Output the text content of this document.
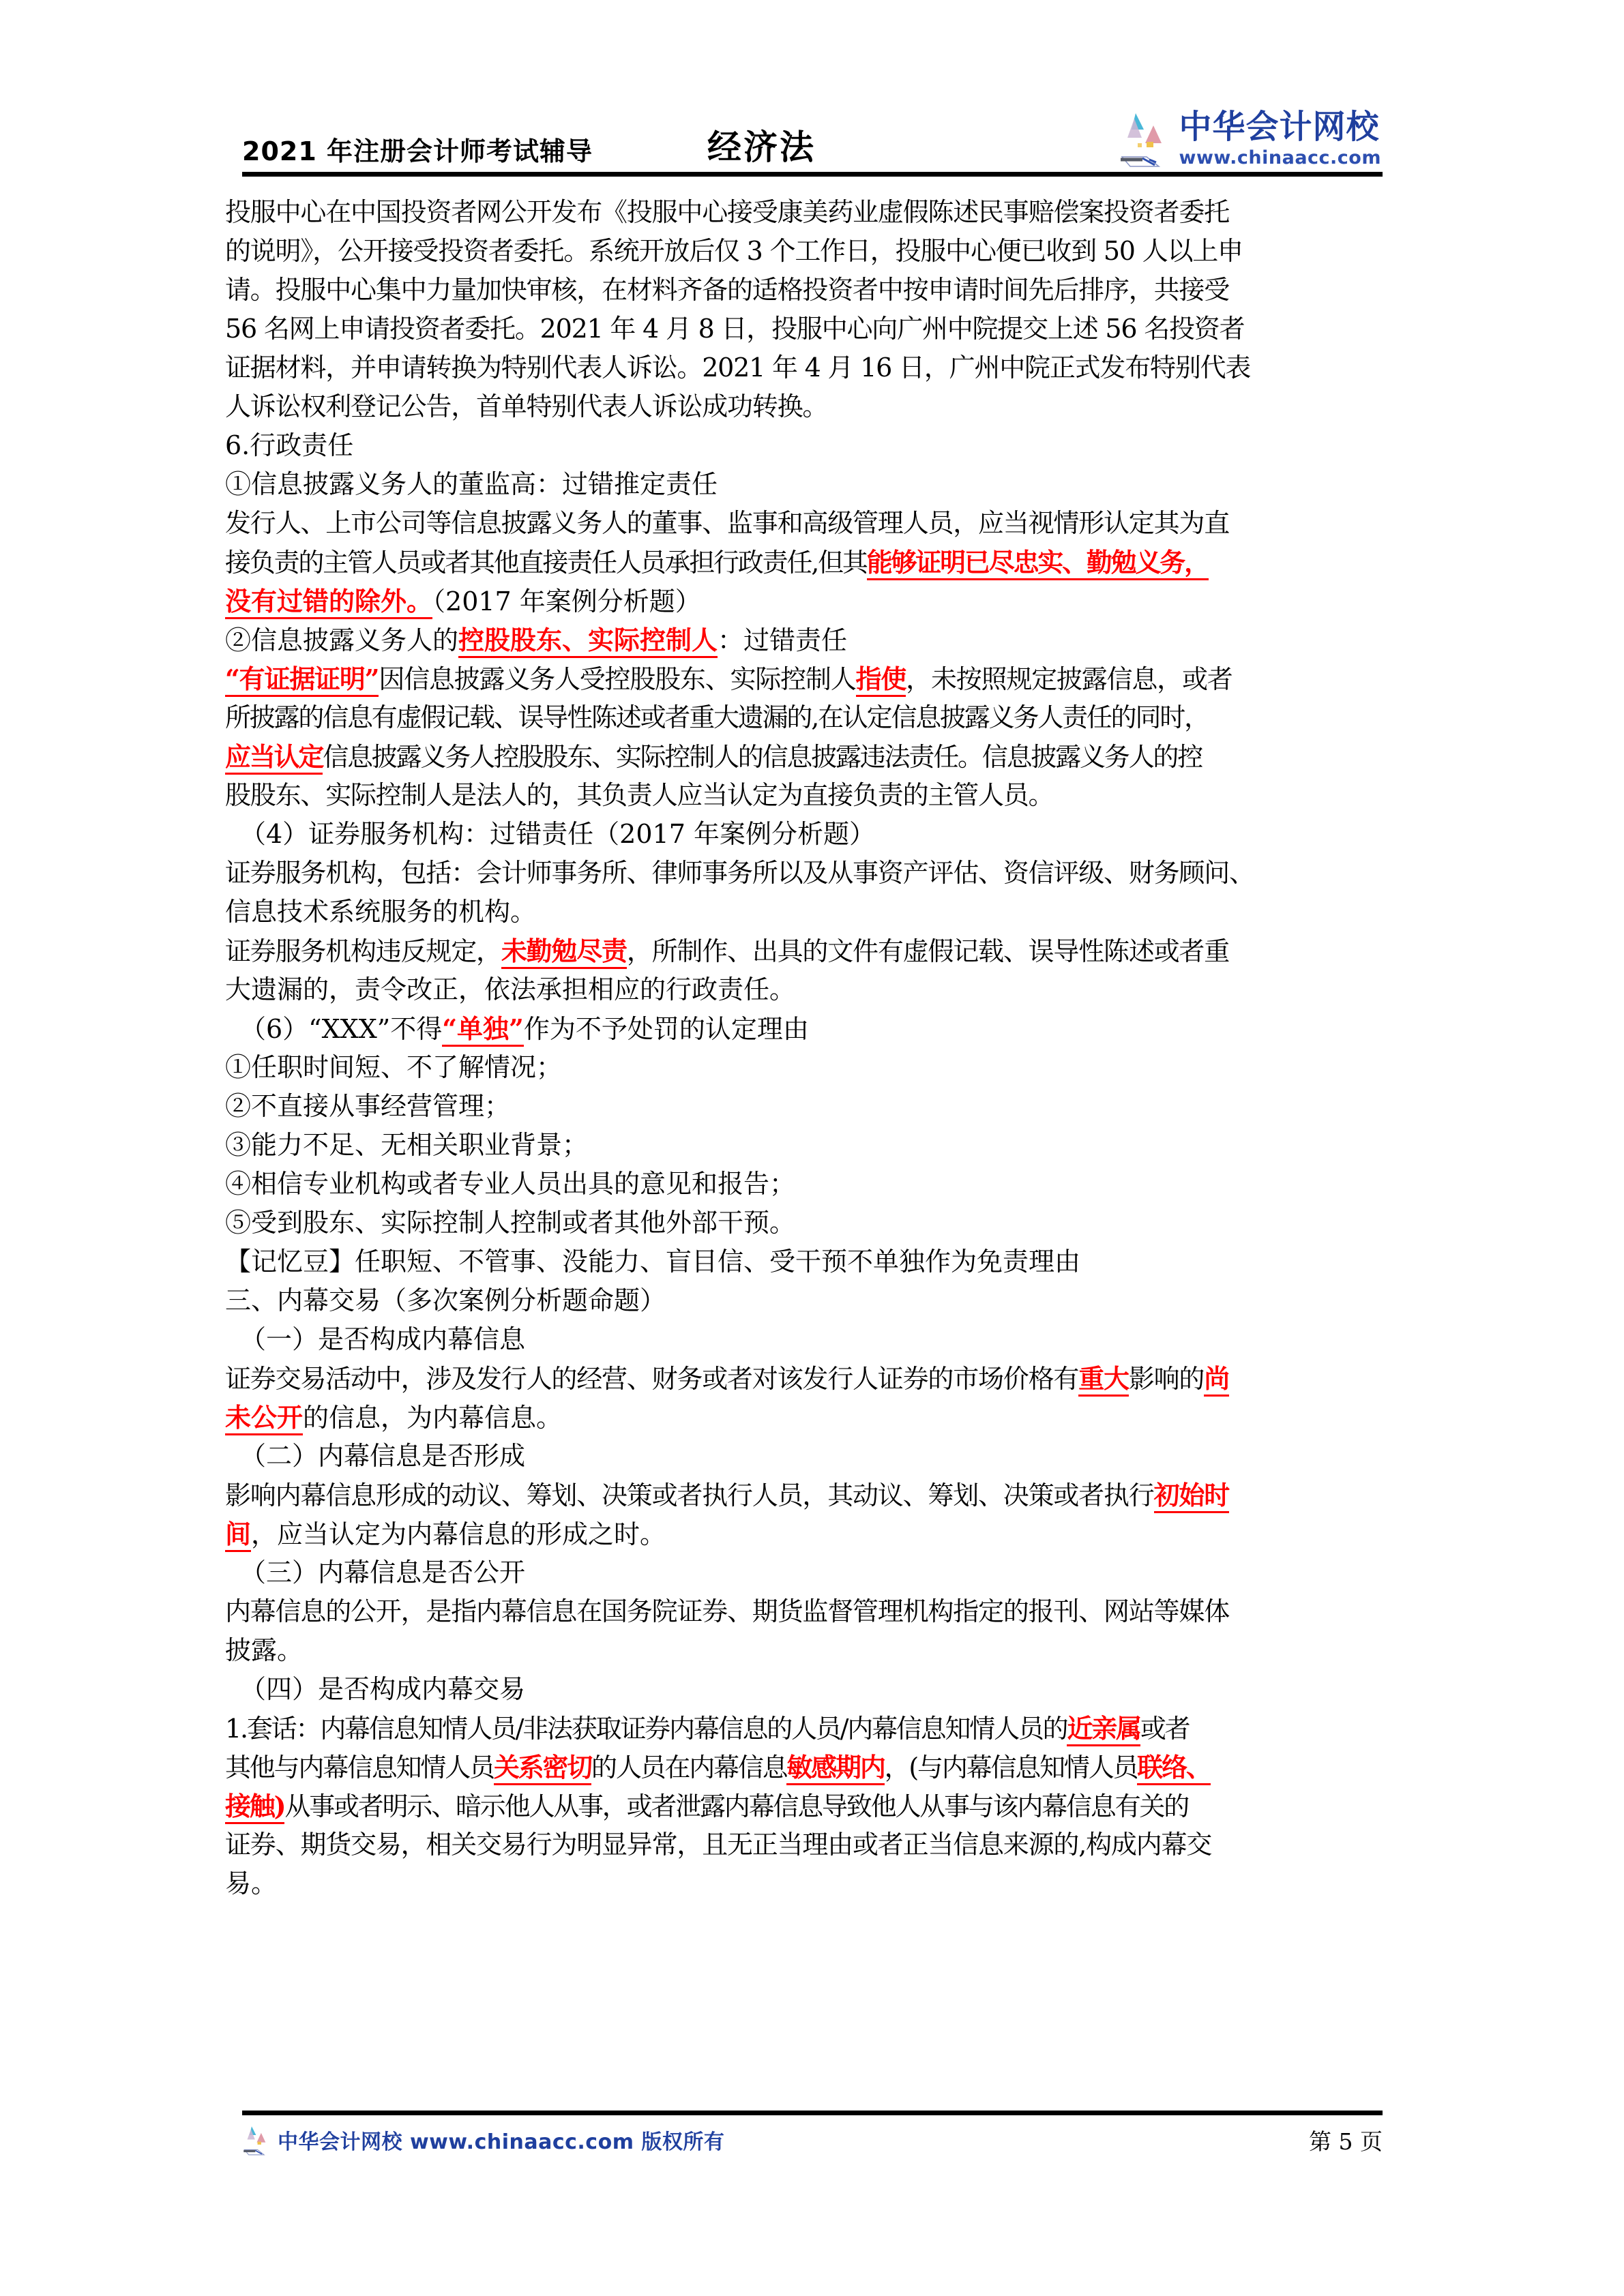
2021 年注册会计师考试辅导	经济法
中华会计网校
www.chinaacc.com
投服中心在中国投资者网公开发布《投服中心接受康美药业虚假陈述民事赔偿案投资者委托
的说明》，公开接受投资者委托。系统开放后仅 3 个工作日，投服中心便已收到 50 人以上申
请。投服中心集中力量加快审核，在材料齐备的适格投资者中按申请时间先后排序，共接受
56 名网上申请投资者委托。2021 年 4 月 8 日，投服中心向广州中院提交上述 56 名投资者
证据材料，并申请转换为特别代表人诉讼。2021 年 4 月 16 日，广州中院正式发布特别代表
人诉讼权利登记公告，首单特别代表人诉讼成功转换。
6.行政责任
①信息披露义务人的董监高：过错推定责任
发行人、上市公司等信息披露义务人的董事、监事和高级管理人员，应当视情形认定其为直
接负责的主管人员或者其他直接责任人员承担行政责任,但其能够证明已尽忠实、勤勉义务，
没有过错的除外。（2017 年案例分析题）
②信息披露义务人的控股股东、实际控制人：过错责任
“有证据证明”因信息披露义务人受控股股东、实际控制人指使，未按照规定披露信息，或者
所披露的信息有虚假记载、误导性陈述或者重大遗漏的,在认定信息披露义务人责任的同时，
应当认定信息披露义务人控股股东、实际控制人的信息披露违法责任。信息披露义务人的控
股股东、实际控制人是法人的，其负责人应当认定为直接负责的主管人员。
（4）证券服务机构：过错责任（2017 年案例分析题）
证券服务机构，包括：会计师事务所、律师事务所以及从事资产评估、资信评级、财务顾问、
信息技术系统服务的机构。
证券服务机构违反规定，未勤勉尽责，所制作、出具的文件有虚假记载、误导性陈述或者重
大遗漏的，责令改正，依法承担相应的行政责任。
（6）“XXX”不得“单独”作为不予处罚的认定理由
①任职时间短、不了解情况；
②不直接从事经营管理；
③能力不足、无相关职业背景；
④相信专业机构或者专业人员出具的意见和报告；
⑤受到股东、实际控制人控制或者其他外部干预。
【记忆豆】任职短、不管事、没能力、盲目信、受干预不单独作为免责理由
三、内幕交易（多次案例分析题命题）
（一）是否构成内幕信息
证券交易活动中，涉及发行人的经营、财务或者对该发行人证券的市场价格有重大影响的尚
未公开的信息，为内幕信息。
（二）内幕信息是否形成
影响内幕信息形成的动议、筹划、决策或者执行人员，其动议、筹划、决策或者执行初始时
间，应当认定为内幕信息的形成之时。
（三）内幕信息是否公开
内幕信息的公开，是指内幕信息在国务院证券、期货监督管理机构指定的报刊、网站等媒体
披露。
（四）是否构成内幕交易
1.套话：内幕信息知情人员/非法获取证券内幕信息的人员/内幕信息知情人员的近亲属或者
其他与内幕信息知情人员关系密切的人员在内幕信息敏感期内，(与内幕信息知情人员联络、
接触)从事或者明示、暗示他人从事，或者泄露内幕信息导致他人从事与该内幕信息有关的
证券、期货交易，相关交易行为明显异常，且无正当理由或者正当信息来源的,构成内幕交
易。
中华会计网校 www.chinaacc.com 版权所有	第 5 页
